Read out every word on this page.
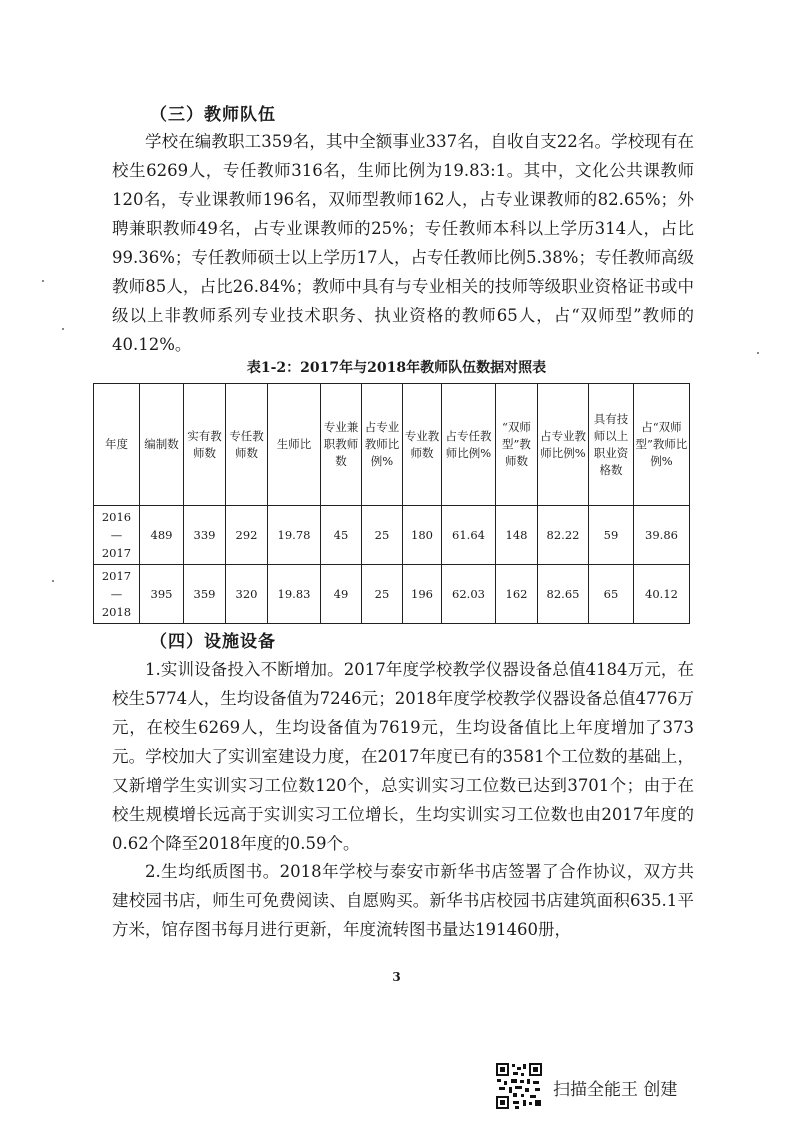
（三）教师队伍

学校在编教职工359名，其中全额事业337名，自收自支22名。学校现有在校生6269人，专任教师316名，生师比例为19.83:1。其中，文化公共课教师120名，专业课教师196名，双师型教师162人，占专业课教师的82.65%；外聘兼职教师49名，占专业课教师的25%；专任教师本科以上学历314人，占比99.36%；专任教师硕士以上学历17人，占专任教师比例5.38%；专任教师高级教师85人，占比26.84%；教师中具有与专业相关的技师等级职业资格证书或中级以上非教师系列专业技术职务、执业资格的教师65人，占“双师型”教师的40.12%。

表1-2：2017年与2018年教师队伍数据对照表
年度	编制数	实有教师数	专任教师数	生师比	专业兼职教师数	占专业教师比例%	专业教师数	占专任教师比例%	“双师型”教师数	占专业教师比例%	具有技师以上职业资格数	占“双师型”教师比例%
2016
—
2017	489	339	292	19.78	45	25	180	61.64	148	82.22	59	39.86
2017
—
2018	395	359	320	19.83	49	25	196	62.03	162	82.65	65	40.12
（四）设施设备

1.实训设备投入不断增加。2017年度学校教学仪器设备总值4184万元，在校生5774人，生均设备值为7246元；2018年度学校教学仪器设备总值4776万元，在校生6269人，生均设备值为7619元，生均设备值比上年度增加了373元。学校加大了实训室建设力度，在2017年度已有的3581个工位数的基础上，又新增学生实训实习工位数120个，总实训实习工位数已达到3701个；由于在校生规模增长远高于实训实习工位增长，生均实训实习工位数也由2017年度的0.62个降至2018年度的0.59个。

2.生均纸质图书。2018年学校与泰安市新华书店签署了合作协议，双方共建校园书店，师生可免费阅读、自愿购买。新华书店校园书店建筑面积635.1平方米，馆存图书每月进行更新，年度流转图书量达191460册，

3
扫描全能王 创建
